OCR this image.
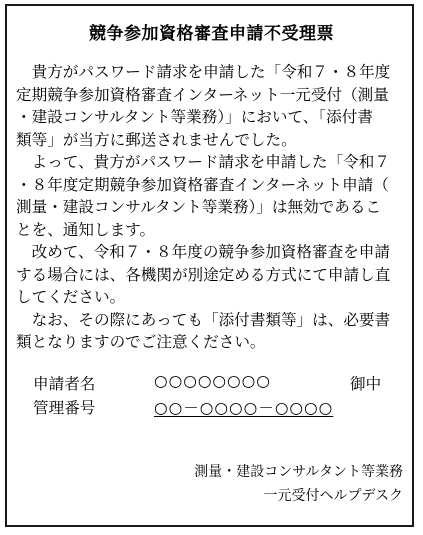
競争参加資格審査申請不受理票

　貴方がパスワード請求を申請した「令和７・８年度

定期競争参加資格審査インターネット一元受付（測量

・建設コンサルタント等業務）」において、「添付書

類等」が当方に郵送されませんでした。

　よって、貴方がパスワード請求を申請した「令和７

・８年度定期競争参加資格審査インターネット申請（

測量・建設コンサルタント等業務）」は無効であるこ

とを、通知します。

　改めて、令和７・８年度の競争参加資格審査を申請

する場合には、各機関が別途定める方式にて申請し直

してください。

　なお、その際にあっても「添付書類等」は、必要書

類となりますのでご注意ください。

申請者名	○○○○○○○○	御中
管理番号	○○－○○○○－○○○○
測量・建設コンサルタント等業務
一元受付ヘルプデスク
